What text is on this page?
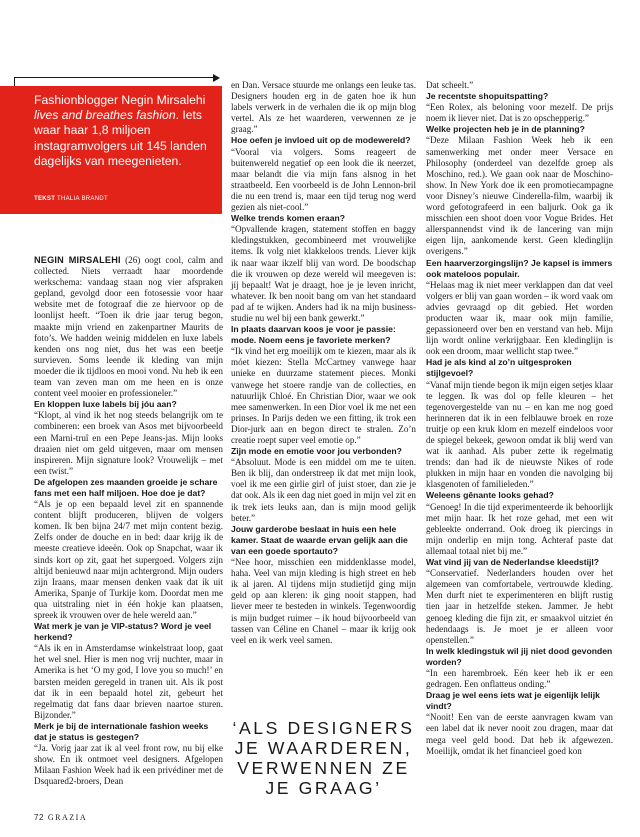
Fashionblogger Negin Mirsalehi lives and breathes fashion. Iets waar haar 1,8 miljoen instagramvolgers uit 145 landen dagelijks van meegenieten.
TEKST THALIA BRANDT

NEGIN MIRSALEHI (26) oogt cool, calm and collected. Niets verraadt haar moordende werkschema: vandaag staan nog vier afspraken gepland, gevolgd door een fotosessie voor haar website met de fotograaf die ze hiervoor op de loonlijst heeft. “Toen ik drie jaar terug begon, maakte mijn vriend en zakenpartner Maurits de foto’s. We hadden weinig middelen en luxe labels kenden ons nog niet, dus het was een beetje survieven. Soms leende ik kleding van mijn moeder die ik tijdloos en mooi vond. Nu heb ik een team van zeven man om me heen en is onze content veel mooier en professioneler.”

En kloppen luxe labels bij jóu aan?

“Klopt, al vind ik het nog steeds belangrijk om te combineren: een broek van Asos met bijvoorbeeld een Marni-truî en een Pepe Jeans-jas. Mijn looks draaien niet om geld uitgeven, maar om mensen inspireren. Mijn signature look? Vrouwelijk – met een twist.”

De afgelopen zes maanden groeide je schare fans met een half miljoen. Hoe doe je dat?

“Als je op een bepaald level zit en spannende content blijft produceren, blijven de volgers komen. Ik ben bijna 24/7 met mijn content bezig. Zelfs onder de douche en in bed: daar krijg ik de meeste creatieve ideeën. Ook op Snapchat, waar ik sinds kort op zit, gaat het supergoed. Volgers zijn altijd benieuwd naar mijn achtergrond. Mijn ouders zijn Iraans, maar mensen denken vaak dat ik uit Amerika, Spanje of Turkije kom. Doordat men me qua uitstraling niet in één hokje kan plaatsen, spreek ik vrouwen over de hele wereld aan.”

Wat merk je van je VIP-status? Word je veel herkend?

“Als ik en in Amsterdamse winkelstraat loop, gaat het wel snel. Hier is men nog vrij nuchter, maar in Amerika is het ‘O my god, I love you so much!’ en barsten meiden geregeld in tranen uit. Als ik post dat ik in een bepaald hotel zit, gebeurt het regelmatig dat fans daar brieven naartoe sturen. Bijzonder.”

Merk je bij de internationale fashion weeks dat je status is gestegen?

“Ja. Vorig jaar zat ik al veel front row, nu bij elke show. En ik ontmoet veel designers. Afgelopen Milaan Fashion Week had ik een privédiner met de Dsquared2-broers, Dean

en Dan. Versace stuurde me onlangs een leuke tas. Designers houden erg in de gaten hoe ik hun labels verwerk in de verhalen die ik op mijn blog vertel. Als ze het waarderen, verwennen ze je graag.”

Hoe oefen je invloed uit op de modewereld?

“Vooral via volgers. Soms reageert de buitenwereld negatief op een look die ik neerzet, maar belandt die via mijn fans alsnog in het straatbeeld. Een voorbeeld is de John Lennon-bril die nu een trend is, maar een tijd terug nog werd gezien als niet-cool.”

Welke trends komen eraan?

“Opvallende kragen, statement stoffen en baggy kledingstukken, gecombineerd met vrouwelijke items. Ik volg niet klakkeloos trends. Liever kijk ik naar waar ikzelf blij van word. De boodschap die ik vrouwen op deze wereld wil meegeven is: jíj bepaalt! Wat je draagt, hoe je je leven inricht, whatever. Ik ben nooit bang om van het standaard pad af te wijken. Anders had ik na mijn business-studie nu wel bij een bank gewerkt.”

In plaats daarvan koos je voor je passie: mode. Noem eens je favoriete merken?

“Ik vind het erg moeilijk om te kiezen, maar als ik móet kiezen: Stella McCartney vanwege haar unieke en duurzame statement pieces. Monki vanwege het stoere randje van de collecties, en natuurlijk Chloé. En Christian Dior, waar we ook mee samenwerken. In een Dior voel ik me net een prinses. In Parijs deden we een fitting, ik trok een Dior-jurk aan en begon direct te stralen. Zo’n creatie roept super veel emotie op.”

Zijn mode en emotie voor jou verbonden?

“Absoluut. Mode is een middel om me te uiten. Ben ik blij, dan onderstreep ik dat met mijn look, voel ik me een girlie girl of juist stoer, dan zie je dat ook. Als ik een dag niet goed in mijn vel zit en ik trek iets leuks aan, dan is mijn mood gelijk beter.”

Jouw garderobe beslaat in huis een hele kamer. Staat de waarde ervan gelijk aan die van een goede sportauto?

“Nee hoor, misschien een middenklasse model, haha. Veel van mijn kleding is high street en heb ik al jaren. Al tijdens mijn studietijd ging mijn geld op aan kleren: ik ging nooit stappen, had liever meer te besteden in winkels. Tegenwoordig is mijn budget ruimer – ik houd bijvoorbeeld van tassen van Céline en Chanel – maar ik krijg ook veel en ik werk veel samen.

Dat scheelt.”

Je recentste shopuitspatting?

“Een Rolex, als beloning voor mezelf. De prijs noem ik liever niet. Dat is zo opschepperig.”

Welke projecten heb je in de planning?

“Deze Milaan Fashion Week heb ik een samenwerking met onder meer Versace en Philosophy (onderdeel van dezelfde groep als Moschino, red.). We gaan ook naar de Moschino-show. In New York doe ik een promotiecampagne voor Disney’s nieuwe Cinderella-film, waarbij ik word gefotografeerd in een baljurk. Ook ga ik misschien een shoot doen voor Vogue Brides. Het allerspannendst vind ik de lancering van mijn eigen lijn, aankomende kerst. Geen kledinglijn overigens.”

Een haarverzorgingslijn? Je kapsel is immers ook mateloos populair.

“Helaas mag ik niet meer verklappen dan dat veel volgers er blij van gaan worden – ik word vaak om advies gevraagd op dit gebied. Het worden producten waar ik, maar ook mijn familie, gepassioneerd over ben en verstand van heb. Mijn lijn wordt online verkrijgbaar. Een kledinglijn is ook een droom, maar wellicht stap twee.”

Had je als kind al zo’n uitgesproken stijlgevoel?

“Vanaf mijn tiende begon ik mijn eigen setjes klaar te leggen. Ik was dol op felle kleuren – het tegenovergestelde van nu – en kan me nog goed herinneren dat ik in een felblauwe broek en roze truitje op een kruk klom en mezelf eindeloos voor de spiegel bekeek, gewoon omdat ik blij werd van wat ik aanhad. Als puber zette ik regelmatig trends: dan had ik de nieuwste Nikes of rode plukken in mijn haar en vonden die navolging bij klasgenoten of familieleden.”

Weleens gênante looks gehad?

“Genoeg! In die tijd experimenteerde ik behoorlijk met mijn haar. Ik het roze gehad, met een wit gebleekte onderrand. Ook droeg ik piercings in mijn onderlip en mijn tong. Achteraf paste dat allemaal totaal niet bij me.”

Wat vind jij van de Nederlandse kleedstijl?

“Conservatief. Nederlanders houden over het algemeen van comfortabele, vertrouwde kleding. Men durft niet te experimenteren en blijft rustig tien jaar in hetzelfde steken. Jammer. Je hebt genoeg kleding die fijn zit, er smaakvol uitziet én hedendaags is. Je moet je er alleen voor openstellen.”

In welk kledingstuk wil jij niet dood gevonden worden?

“In een harembroek. Eén keer heb ik er een gedragen. Een onflatteus onding.”

Draag je wel eens iets wat je eigenlijk lelijk vindt?

“Nooit! Een van de eerste aanvragen kwam van een label dat ik never nooit zou dragen, maar dat mega veel geld bood. Dat heb ik afgewezen. Moeilijk, omdat ik het financieel goed kon

‘ALS DESIGNERS JE WAARDEREN, VERWENNEN ZE JE GRAAG’
72 GRAZIA
